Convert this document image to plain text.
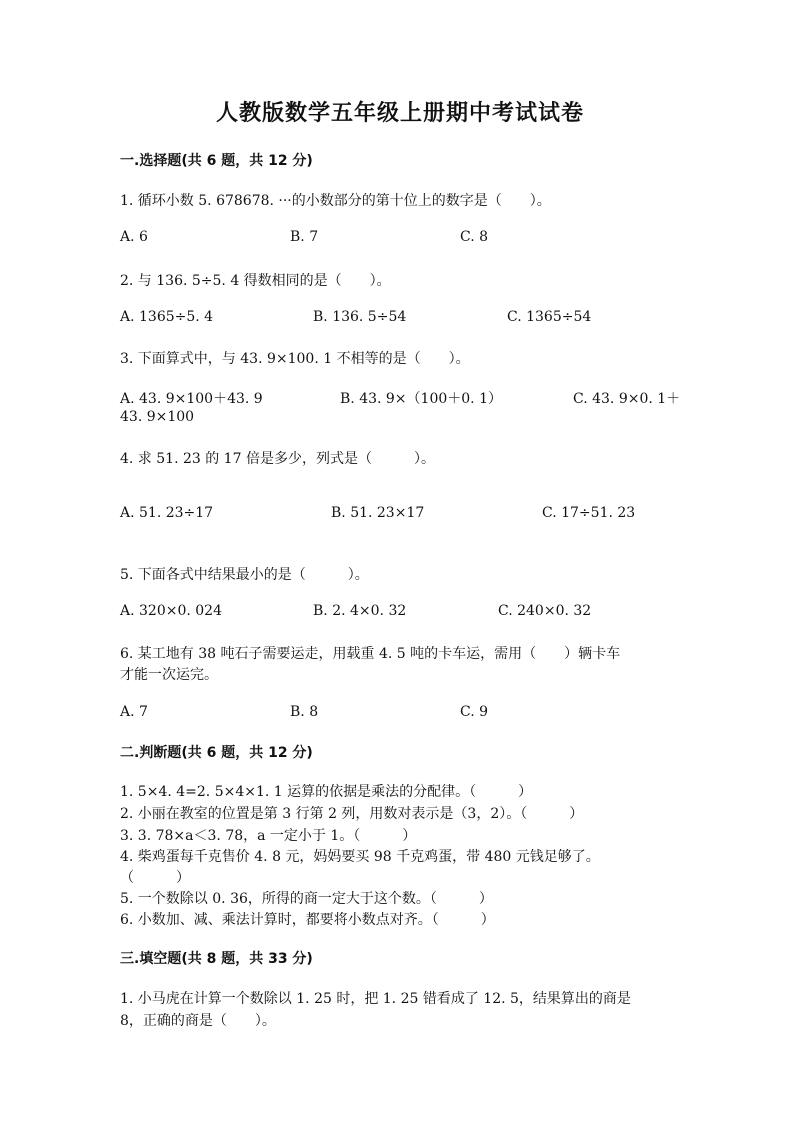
人教版数学五年级上册期中考试试卷
一.选择题(共 6 题，共 12 分)
1. 循环小数 5. 678678. ···的小数部分的第十位上的数字是（　　）。
A. 6	B. 7	C. 8
2. 与 136. 5÷5. 4 得数相同的是（　　）。
A. 1365÷5. 4	B. 136. 5÷54	C. 1365÷54
3. 下面算式中，与 43. 9×100. 1 不相等的是（　　）。
A. 43. 9×100＋43. 9	B. 43. 9×（100＋0. 1）	C. 43. 9×0. 1＋
43. 9×100
4. 求 51. 23 的 17 倍是多少，列式是（　　　）。
A. 51. 23÷17	B. 51. 23×17	C. 17÷51. 23
5. 下面各式中结果最小的是（　　　）。
A. 320×0. 024	B. 2. 4×0. 32	C. 240×0. 32
6. 某工地有 38 吨石子需要运走，用载重 4. 5 吨的卡车运，需用（　　）辆卡车
才能一次运完。
A. 7	B. 8	C. 9
二.判断题(共 6 题，共 12 分)
1. 5×4. 4=2. 5×4×1. 1 运算的依据是乘法的分配律。（　　　）
2. 小丽在教室的位置是第 3 行第 2 列，用数对表示是（3，2）。（　　　）
3. 3. 78×a＜3. 78，a 一定小于 1。（　　　）
4. 柴鸡蛋每千克售价 4. 8 元，妈妈要买 98 千克鸡蛋，带 480 元钱足够了。
（　　　）
5. 一个数除以 0. 36，所得的商一定大于这个数。（　　　）
6. 小数加、减、乘法计算时，都要将小数点对齐。（　　　）
三.填空题(共 8 题，共 33 分)
1. 小马虎在计算一个数除以 1. 25 时，把 1. 25 错看成了 12. 5，结果算出的商是
8，正确的商是（　　）。
